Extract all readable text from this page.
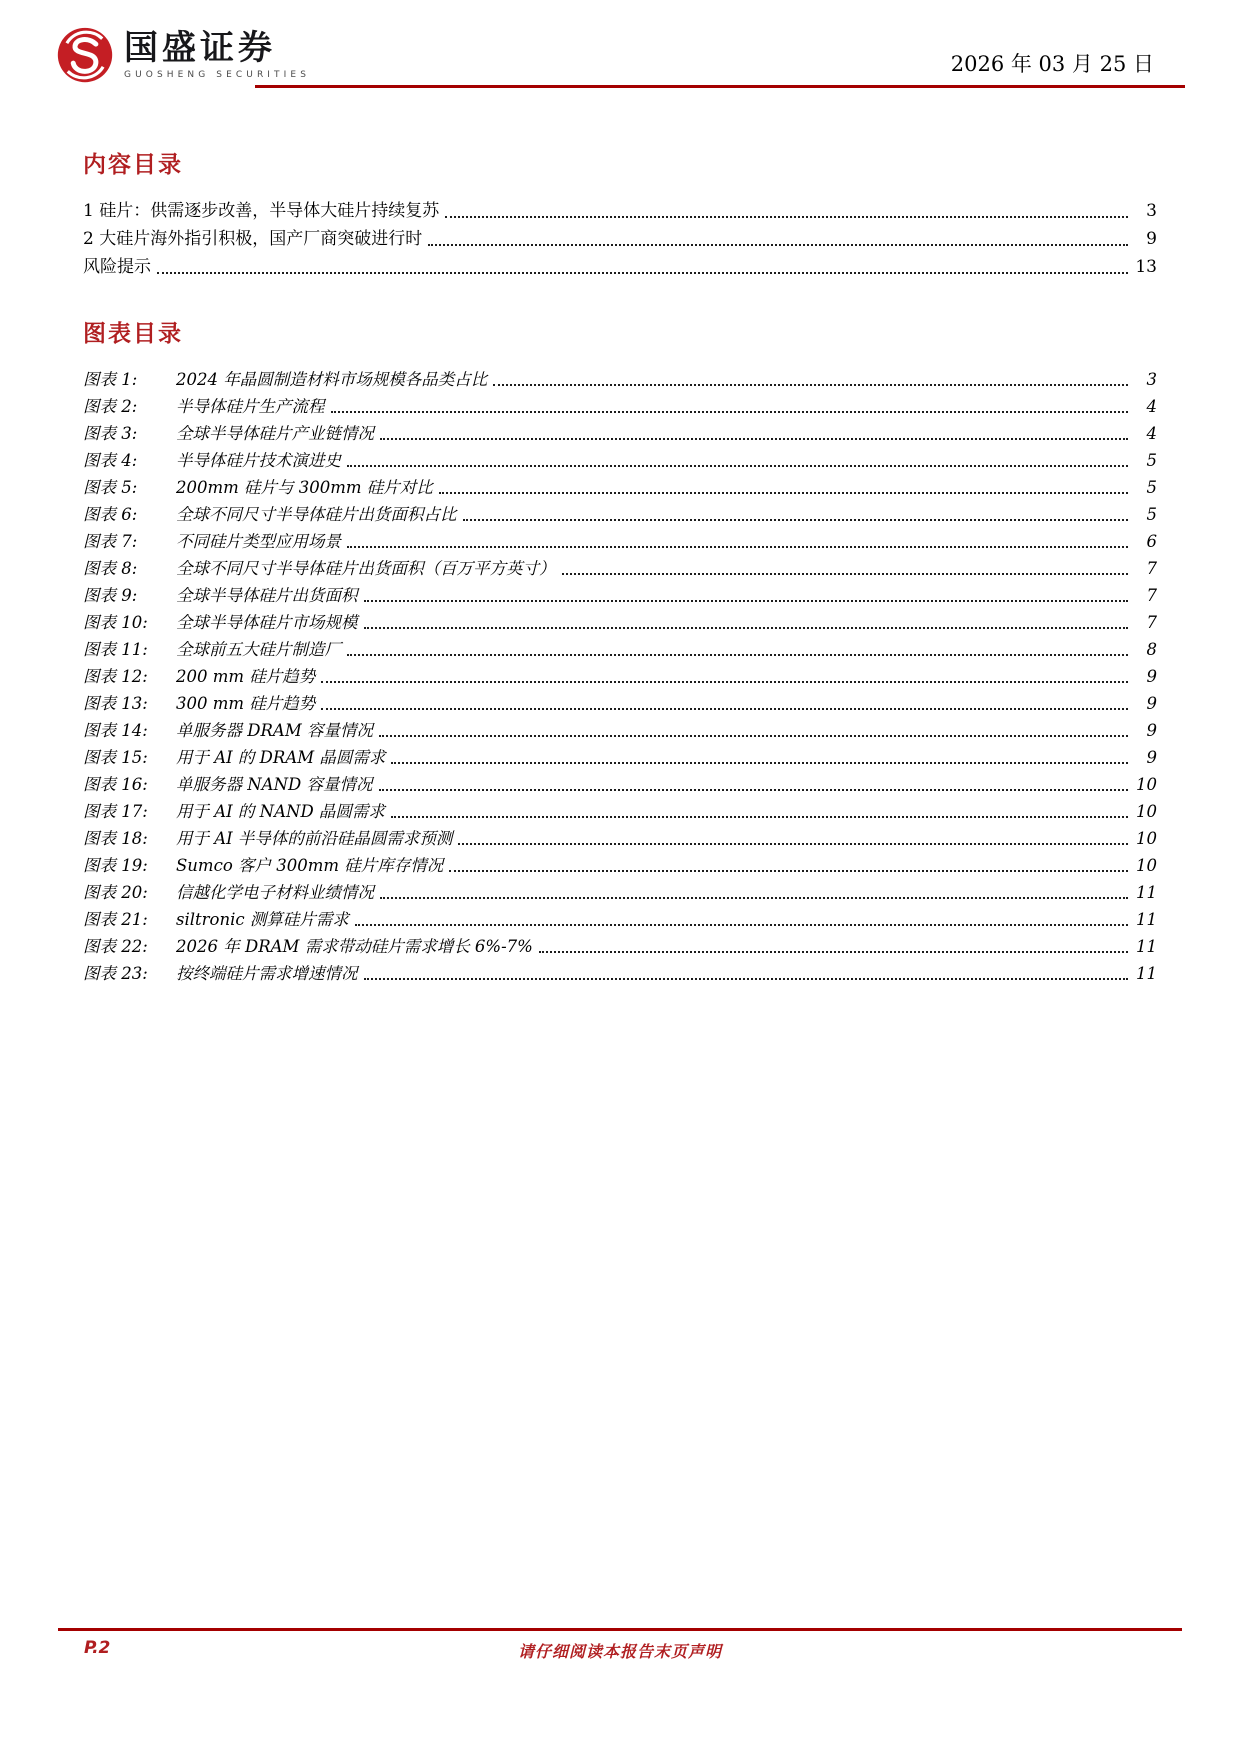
国盛证券
GUOSHENG SECURITIES	2026 年 03 月 25 日
内容目录
1 硅片：供需逐步改善，半导体大硅片持续复苏	3
2 大硅片海外指引积极，国产厂商突破进行时	9
风险提示	13
图表目录
图表 1:	2024 年晶圆制造材料市场规模各品类占比	3
图表 2:	半导体硅片生产流程	4
图表 3:	全球半导体硅片产业链情况	4
图表 4:	半导体硅片技术演进史	5
图表 5:	200mm 硅片与 300mm 硅片对比	5
图表 6:	全球不同尺寸半导体硅片出货面积占比	5
图表 7:	不同硅片类型应用场景	6
图表 8:	全球不同尺寸半导体硅片出货面积（百万平方英寸）	7
图表 9:	全球半导体硅片出货面积	7
图表 10:	全球半导体硅片市场规模	7
图表 11:	全球前五大硅片制造厂	8
图表 12:	200 mm 硅片趋势	9
图表 13:	300 mm 硅片趋势	9
图表 14:	单服务器 DRAM 容量情况	9
图表 15:	用于 AI 的 DRAM 晶圆需求	9
图表 16:	单服务器 NAND 容量情况	10
图表 17:	用于 AI 的 NAND 晶圆需求	10
图表 18:	用于 AI 半导体的前沿硅晶圆需求预测	10
图表 19:	Sumco 客户 300mm 硅片库存情况	10
图表 20:	信越化学电子材料业绩情况	11
图表 21:	siltronic 测算硅片需求	11
图表 22:	2026 年 DRAM 需求带动硅片需求增长 6%-7%	11
图表 23:	按终端硅片需求增速情况	11
P.2	请仔细阅读本报告末页声明
